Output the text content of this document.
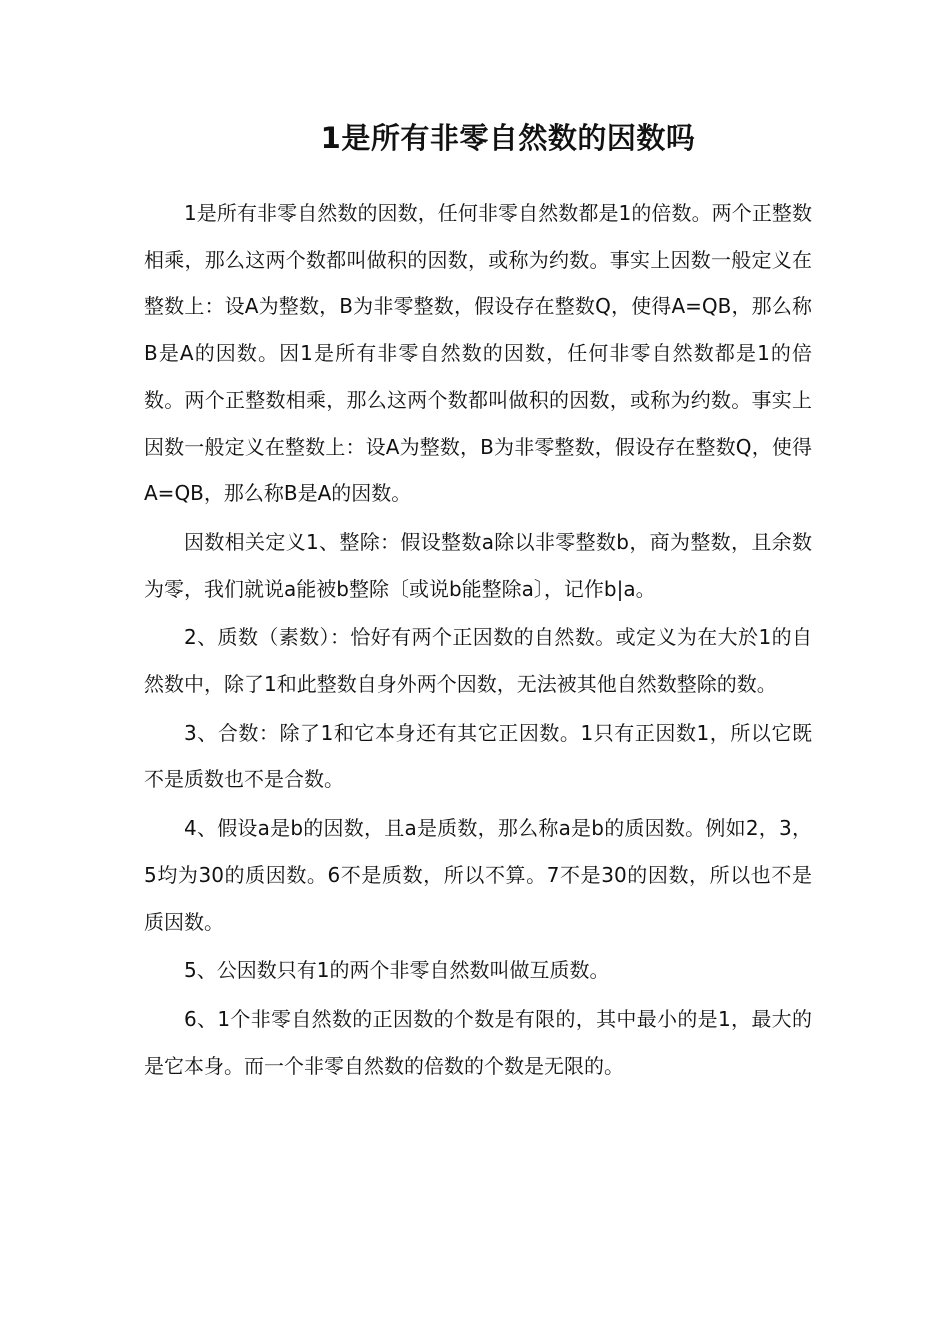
1是所有非零自然数的因数吗

1是所有非零自然数的因数，任何非零自然数都是1的倍数。两个正整数相乘，那么这两个数都叫做积的因数，或称为约数。事实上因数一般定义在整数上：设A为整数，B为非零整数，假设存在整数Q，使得A=QB，那么称B是A的因数。因1是所有非零自然数的因数，任何非零自然数都是1的倍数。两个正整数相乘，那么这两个数都叫做积的因数，或称为约数。事实上因数一般定义在整数上：设A为整数，B为非零整数，假设存在整数Q，使得A=QB，那么称B是A的因数。

因数相关定义1、整除：假设整数a除以非零整数b，商为整数，且余数为零，我们就说a能被b整除〔或说b能整除a〕，记作b|a。

2、质数（素数）：恰好有两个正因数的自然数。或定义为在大於1的自然数中，除了1和此整数自身外两个因数，无法被其他自然数整除的数。

3、合数：除了1和它本身还有其它正因数。1只有正因数1，所以它既不是质数也不是合数。

4、假设a是b的因数，且a是质数，那么称a是b的质因数。例如2，3，5均为30的质因数。6不是质数，所以不算。7不是30的因数，所以也不是质因数。

5、公因数只有1的两个非零自然数叫做互质数。

6、1个非零自然数的正因数的个数是有限的，其中最小的是1，最大的是它本身。而一个非零自然数的倍数的个数是无限的。
